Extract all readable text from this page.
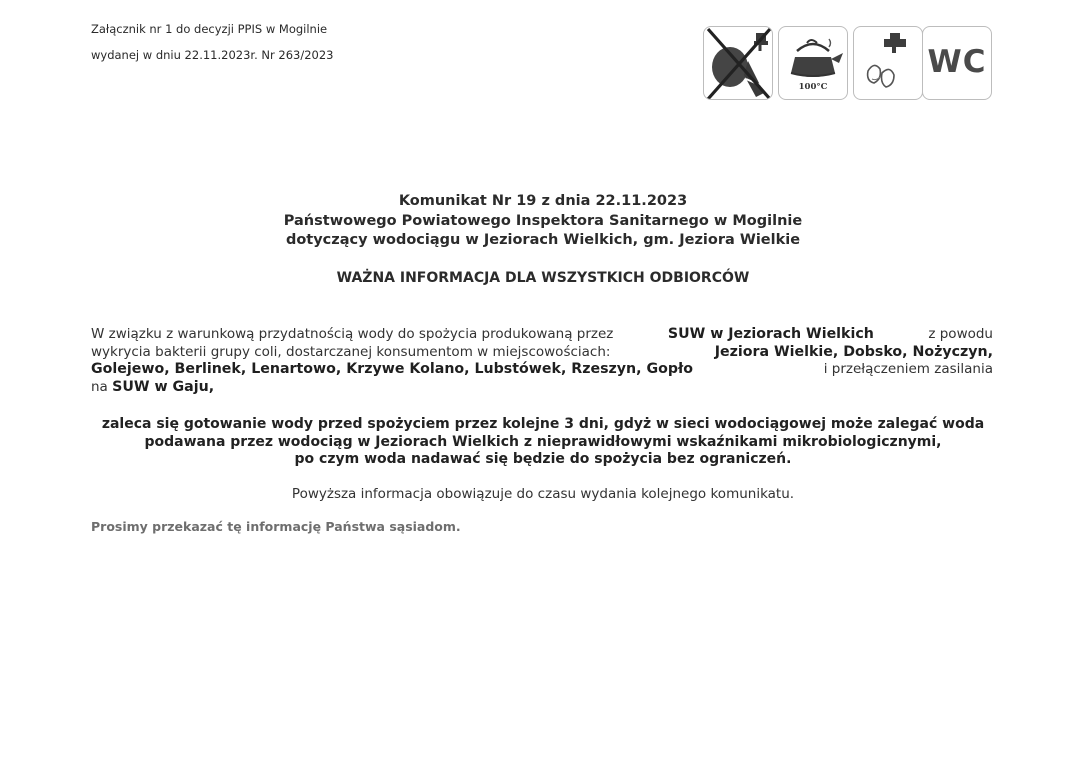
Załącznik nr 1 do decyzji PPIS w Mogilnie
wydanej w dniu 22.11.2023r. Nr 263/2023
100°C
WC
Komunikat Nr 19 z dnia 22.11.2023
Państwowego Powiatowego Inspektora Sanitarnego w Mogilnie
dotyczący wodociągu w Jeziorach Wielkich, gm. Jeziora Wielkie
WAŻNA INFORMACJA DLA WSZYSTKICH ODBIORCÓW
W związku z warunkową przydatnością wody do spożycia produkowaną przez	SUW w Jeziorach Wielkich	z powodu
wykrycia bakterii grupy coli, dostarczanej konsumentom w miejscowościach:	Jeziora Wielkie, Dobsko, Nożyczyn,
Golejewo, Berlinek, Lenartowo, Krzywe Kolano, Lubstówek, Rzeszyn, Gopło	i przełączeniem zasilania
na
SUW w Gaju,
zaleca się gotowanie wody przed spożyciem przez kolejne 3 dni, gdyż w sieci wodociągowej może zalegać woda
podawana przez wodociąg w Jeziorach Wielkich z nieprawidłowymi wskaźnikami mikrobiologicznymi,
po czym woda nadawać się będzie do spożycia bez ograniczeń.
Powyższa informacja obowiązuje do czasu wydania kolejnego komunikatu.
Prosimy przekazać tę informację Państwa sąsiadom.
